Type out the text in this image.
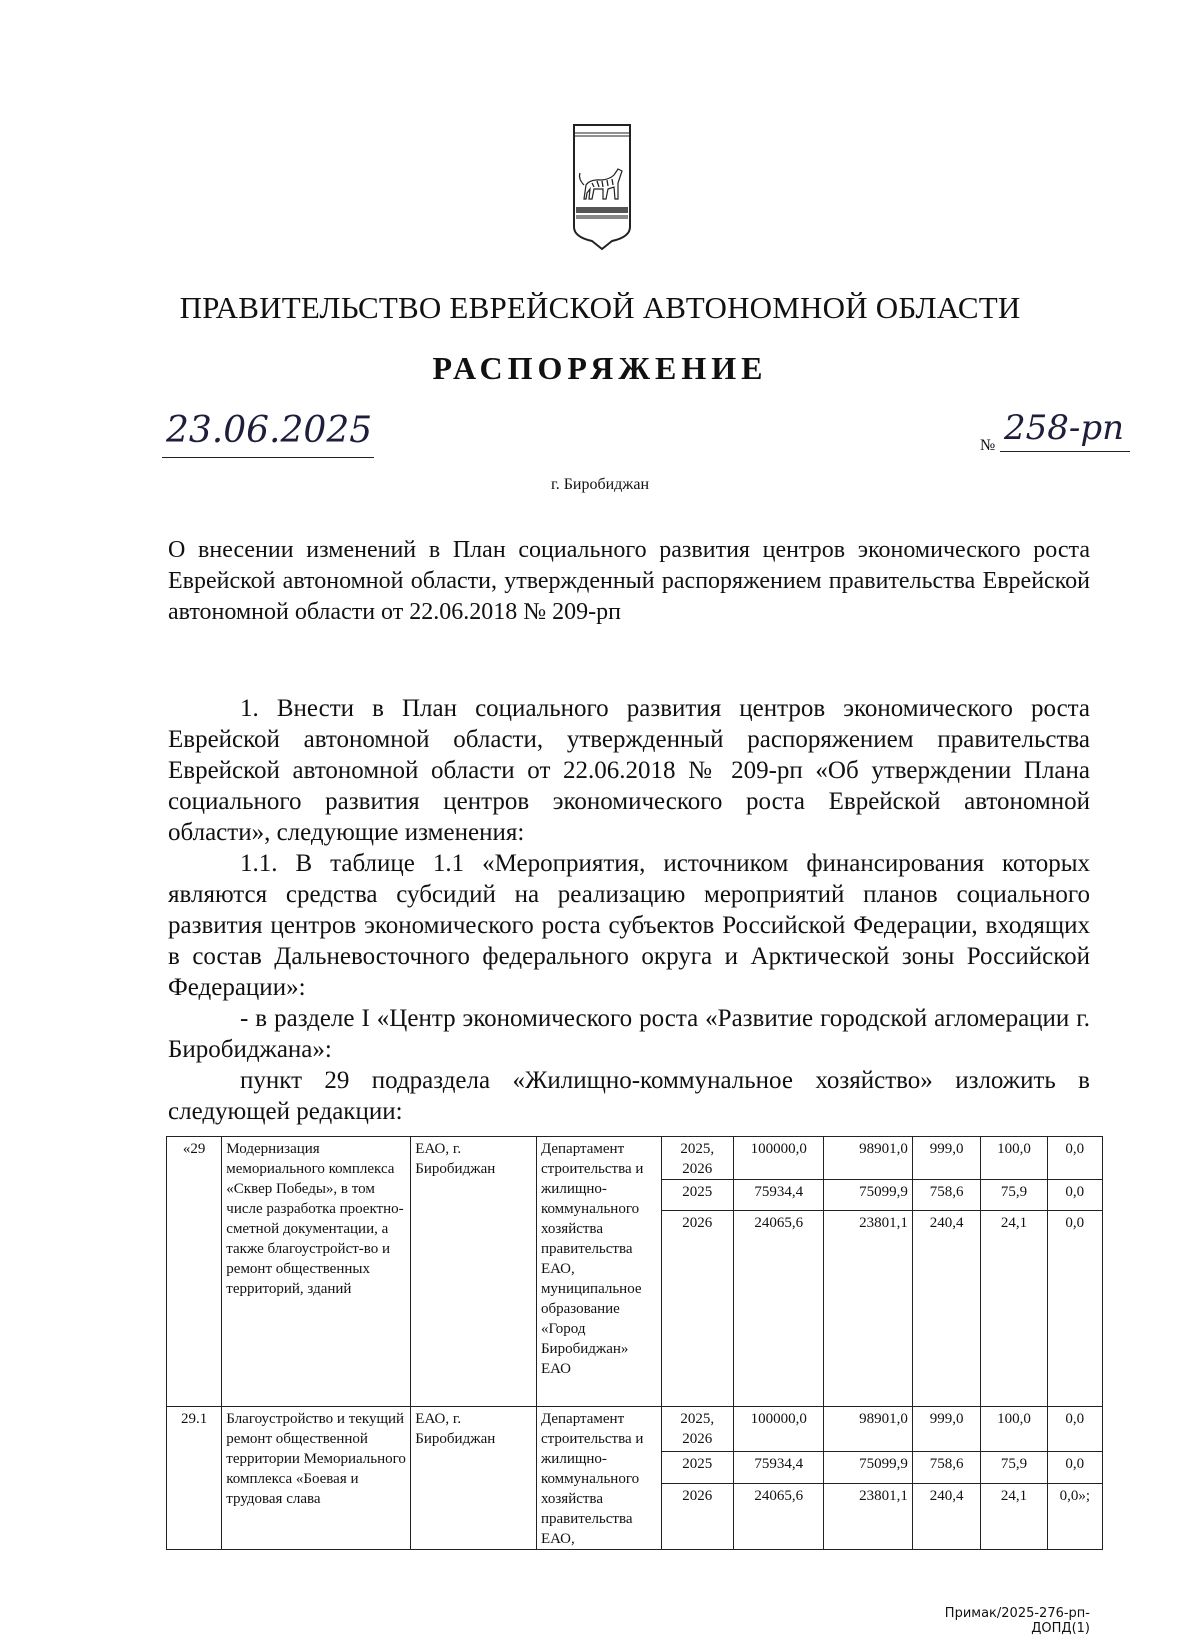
ПРАВИТЕЛЬСТВО ЕВРЕЙСКОЙ АВТОНОМНОЙ ОБЛАСТИ
РАСПОРЯЖЕНИЕ
23.06.2025	№ 258-рп
г. Биробиджан
О внесении изменений в План социального развития центров экономического роста Еврейской автономной области, утвержденный распоряжением правительства Еврейской автономной области от 22.06.2018 № 209-рп

1. Внести в План социального развития центров экономического роста Еврейской автономной области, утвержденный распоряжением правительства Еврейской автономной области от 22.06.2018 № 209-рп «Об утверждении Плана социального развития центров экономического роста Еврейской автономной области», следующие изменения:

1.1. В таблице 1.1 «Мероприятия, источником финансирования которых являются средства субсидий на реализацию мероприятий планов социального развития центров экономического роста субъектов Российской Федерации, входящих в состав Дальневосточного федерального округа и Арктической зоны Российской Федерации»:

- в разделе I «Центр экономического роста «Развитие городской агломерации г. Биробиджана»:

пункт 29 подраздела «Жилищно-коммунальное хозяйство» изложить в следующей редакции:

«29	Модернизация мемориального комплекса «Сквер Победы», в том числе разработка проектно-сметной документации, а также благоустройст-во и ремонт общественных территорий, зданий	ЕАО, г. Биробиджан	Департамент строительства и жилищно-коммунального хозяйства правительства ЕАО, муниципальное образование «Город Биробиджан» ЕАО	2025, 2026	100000,0	98901,0	999,0	100,0	0,0
				2025	75934,4	75099,9	758,6	75,9	0,0
				2026	24065,6	23801,1	240,4	24,1	0,0
29.1	Благоустройство и текущий ремонт общественной территории Мемориального комплекса «Боевая и трудовая слава	ЕАО, г. Биробиджан	Департамент строительства и жилищно-коммунального хозяйства правительства ЕАО,	2025, 2026	100000,0	98901,0	999,0	100,0	0,0
				2025	75934,4	75099,9	758,6	75,9	0,0
				2026	24065,6	23801,1	240,4	24,1	0,0»;
Примак/2025-276-рп-ДОПД(1)
